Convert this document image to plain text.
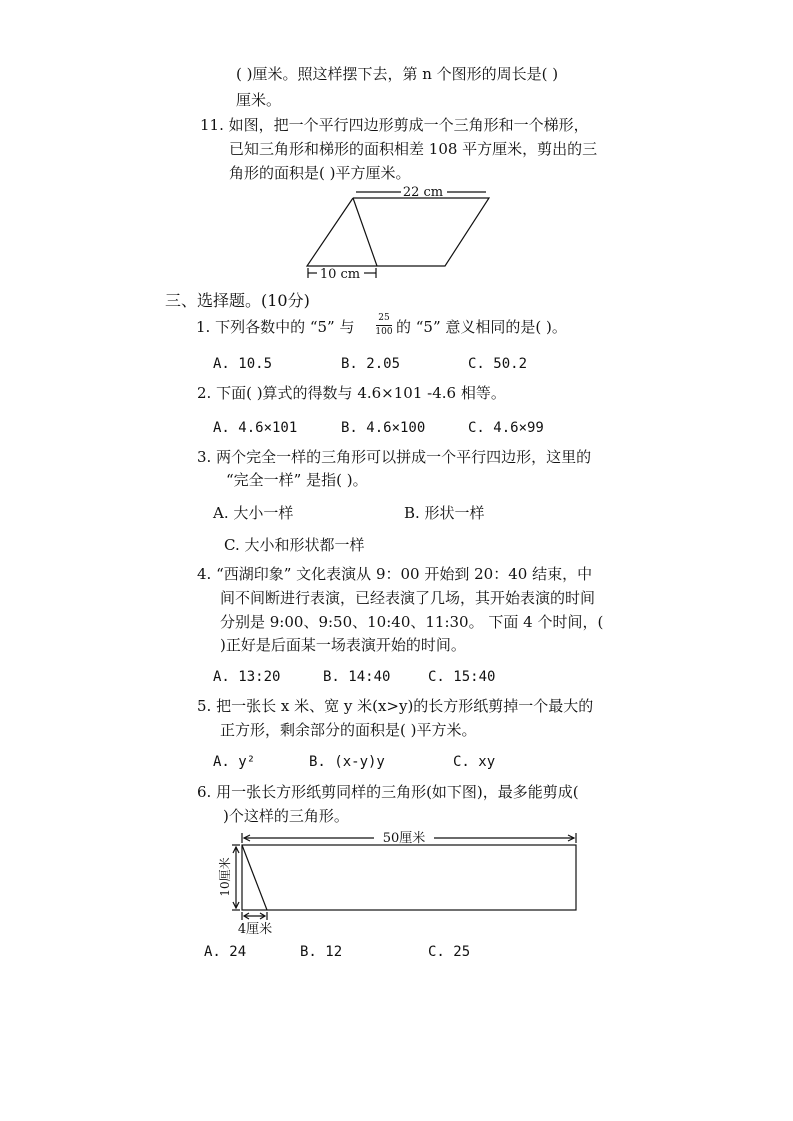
( )厘米。照这样摆下去，第 n 个图形的周长是( )
厘米。
11. 如图，把一个平行四边形剪成一个三角形和一个梯形，
已知三角形和梯形的面积相差 108 平方厘米，剪出的三
角形的面积是( )平方厘米。
22 cm
10 cm
50厘米
10厘米
4厘米
三、选择题。(10分)
1. 下列各数中的 “5” 与	25
100 的 “5” 意义相同的是( )。
A. 10.5	B. 2.05	C. 50.2
2. 下面( )算式的得数与 4.6×101 -4.6 相等。
A. 4.6×101	B. 4.6×100	C. 4.6×99
3. 两个完全一样的三角形可以拼成一个平行四边形，这里的
“完全一样” 是指( )。
A. 大小一样	B. 形状一样
C. 大小和形状都一样
4. “西湖印象” 文化表演从 9：00 开始到 20：40 结束，中
间不间断进行表演，已经表演了几场，其开始表演的时间
分别是 9:00、9:50、10:40、11:30。 下面 4 个时间，(
)正好是后面某一场表演开始的时间。
A. 13:20	B. 14:40	C. 15:40
5. 把一张长 x 米、宽 y 米(x>y)的长方形纸剪掉一个最大的
正方形，剩余部分的面积是( )平方米。
A. y²	B. (x-y)y	C. xy
6. 用一张长方形纸剪同样的三角形(如下图)，最多能剪成(
)个这样的三角形。
A. 24	B. 12	C. 25
